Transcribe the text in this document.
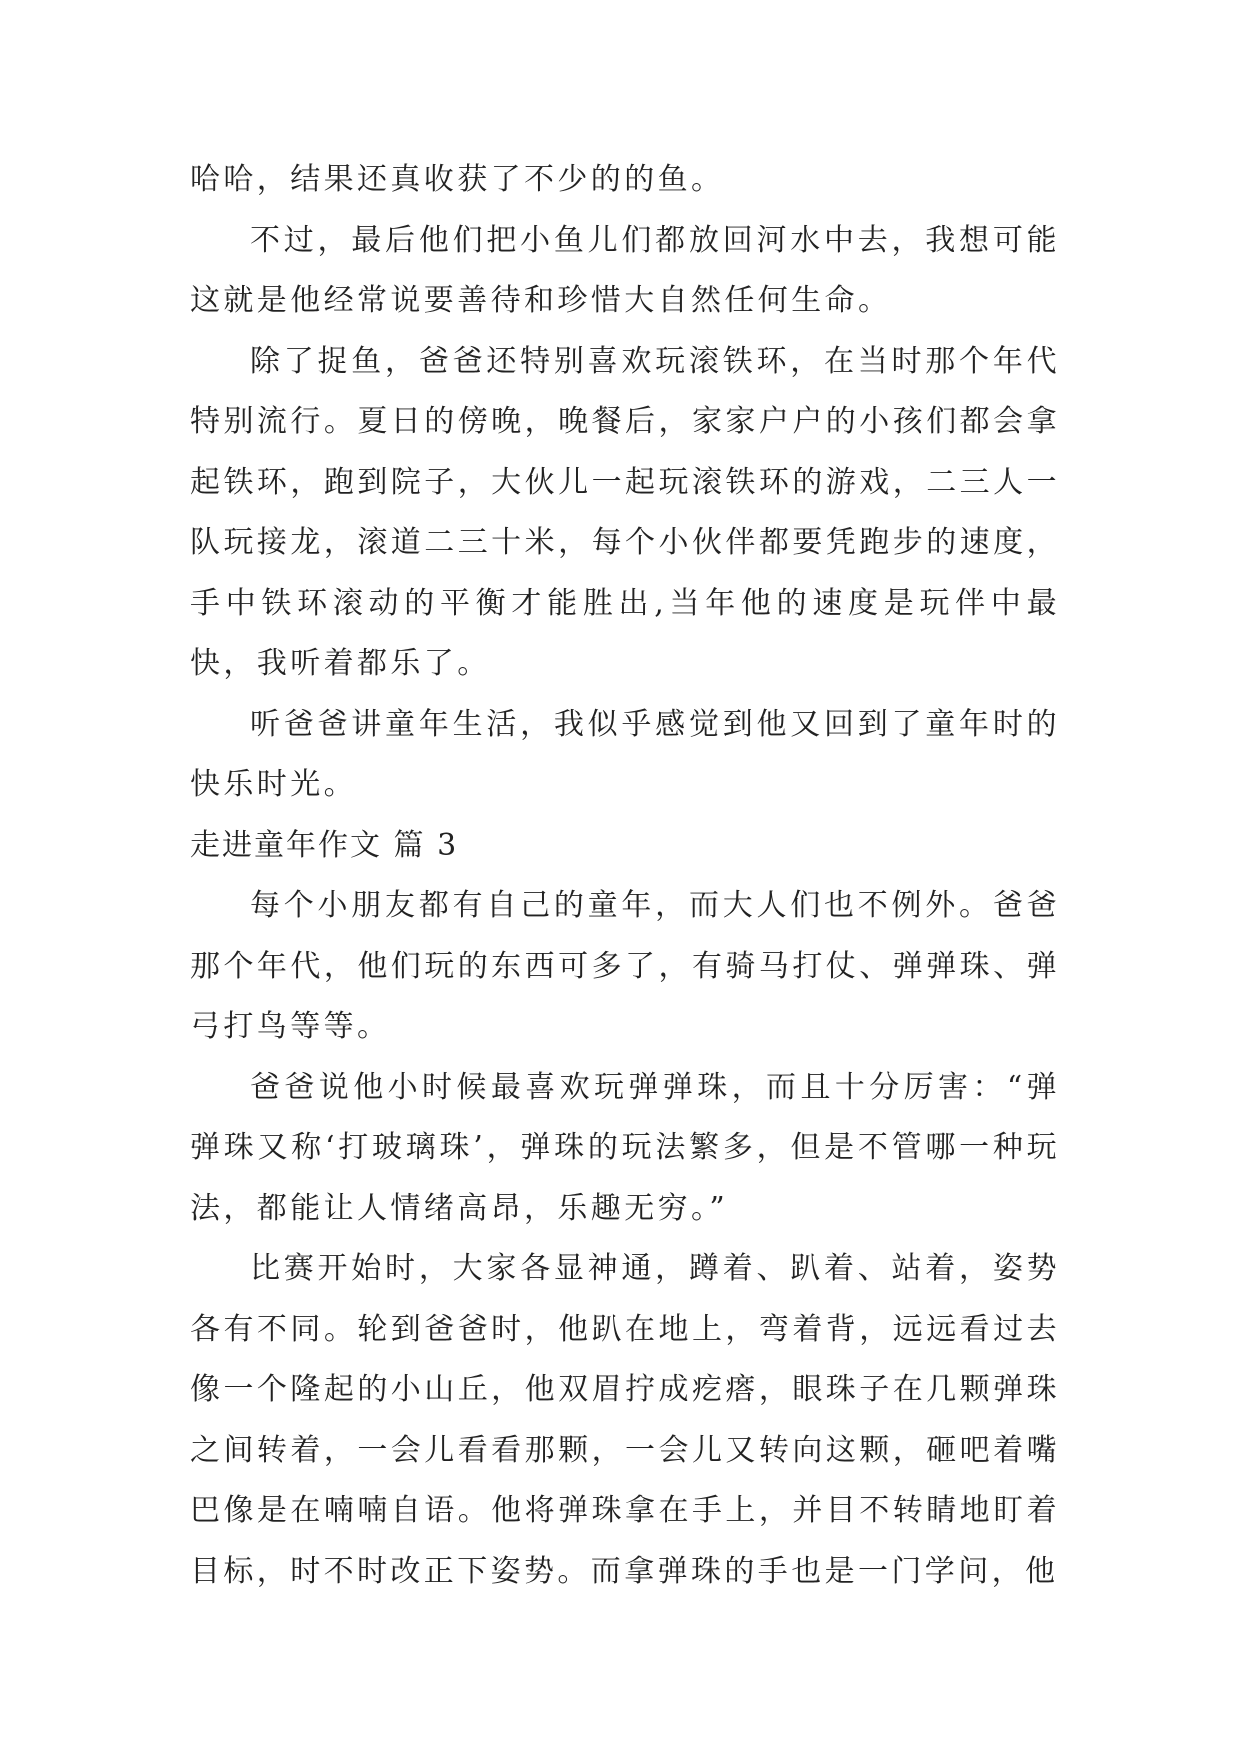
哈哈，结果还真收获了不少的的鱼。

不过，最后他们把小鱼儿们都放回河水中去，我想可能这就是他经常说要善待和珍惜大自然任何生命。

除了捉鱼，爸爸还特别喜欢玩滚铁环，在当时那个年代特别流行。夏日的傍晚，晚餐后，家家户户的小孩们都会拿起铁环，跑到院子，大伙儿一起玩滚铁环的游戏，二三人一队玩接龙，滚道二三十米，每个小伙伴都要凭跑步的速度，手中铁环滚动的平衡才能胜出,当年他的速度是玩伴中最快，我听着都乐了。

听爸爸讲童年生活，我似乎感觉到他又回到了童年时的快乐时光。

走进童年作文 篇 3

每个小朋友都有自己的童年，而大人们也不例外。爸爸那个年代，他们玩的东西可多了，有骑马打仗、弹弹珠、弹弓打鸟等等。

爸爸说他小时候最喜欢玩弹弹珠，而且十分厉害：“弹弹珠又称‘打玻璃珠’，弹珠的玩法繁多，但是不管哪一种玩法，都能让人情绪高昂，乐趣无穷。”

比赛开始时，大家各显神通，蹲着、趴着、站着，姿势各有不同。轮到爸爸时，他趴在地上，弯着背，远远看过去像一个隆起的小山丘，他双眉拧成疙瘩，眼珠子在几颗弹珠之间转着，一会儿看看那颗，一会儿又转向这颗，砸吧着嘴巴像是在喃喃自语。他将弹珠拿在手上，并目不转睛地盯着目标，时不时改正下姿势。而拿弹珠的手也是一门学问，他
